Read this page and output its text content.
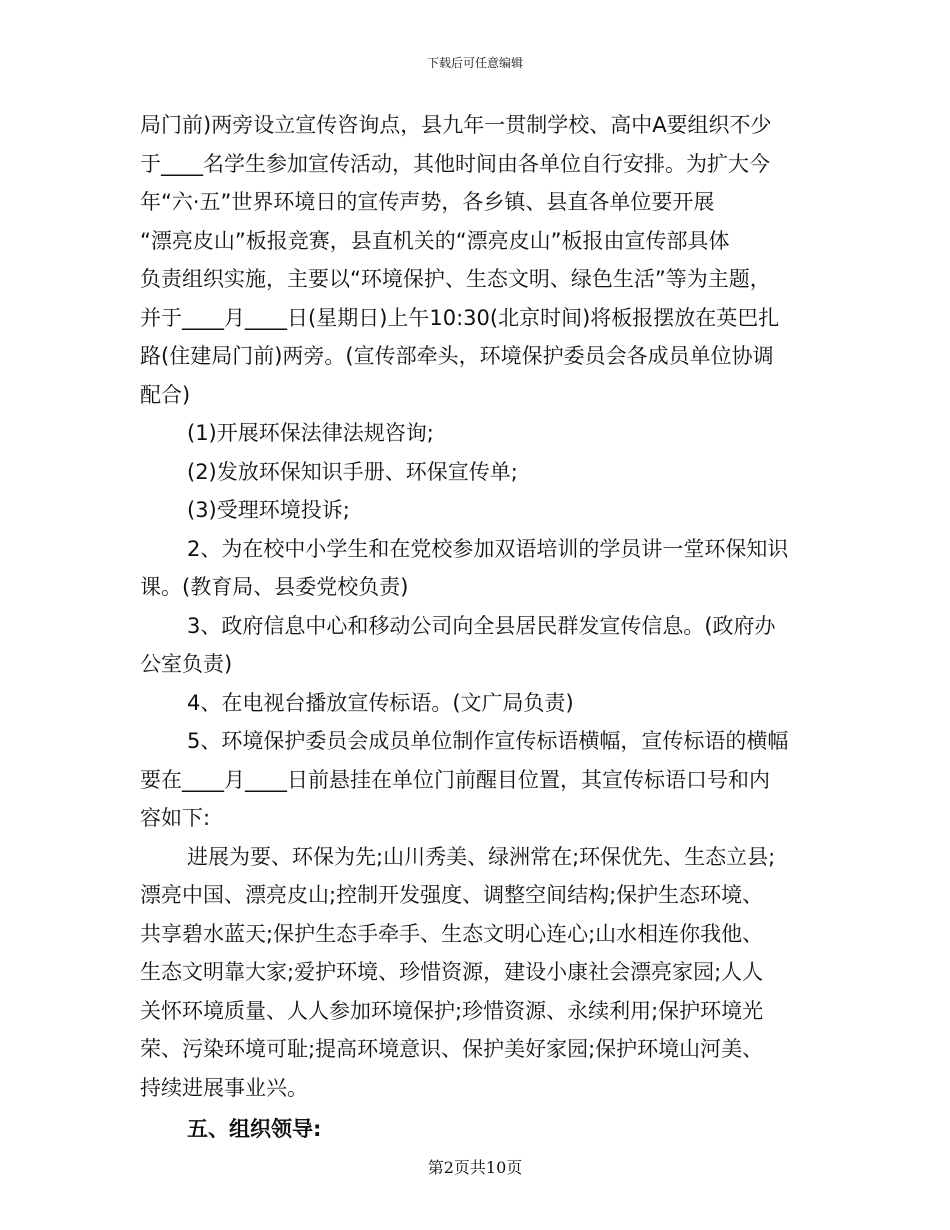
下载后可任意编辑
局门前)两旁设立宣传咨询点，县九年一贯制学校、高中A要组织不少
于____名学生参加宣传活动，其他时间由各单位自行安排。为扩大今
年“六·五”世界环境日的宣传声势，各乡镇、县直各单位要开展
“漂亮皮山”板报竞赛，县直机关的“漂亮皮山”板报由宣传部具体
负责组织实施，主要以“环境保护、生态文明、绿色生活”等为主题，
并于____月____日(星期日)上午10:30(北京时间)将板报摆放在英巴扎
路(住建局门前)两旁。(宣传部牵头，环境保护委员会各成员单位协调
配合)
(1)开展环保法律法规咨询;
(2)发放环保知识手册、环保宣传单;
(3)受理环境投诉;
2、为在校中小学生和在党校参加双语培训的学员讲一堂环保知识
课。(教育局、县委党校负责)
3、政府信息中心和移动公司向全县居民群发宣传信息。(政府办
公室负责)
4、在电视台播放宣传标语。(文广局负责)
5、环境保护委员会成员单位制作宣传标语横幅，宣传标语的横幅
要在____月____日前悬挂在单位门前醒目位置，其宣传标语口号和内
容如下:
进展为要、环保为先;山川秀美、绿洲常在;环保优先、生态立县;
漂亮中国、漂亮皮山;控制开发强度、调整空间结构;保护生态环境、
共享碧水蓝天;保护生态手牵手、生态文明心连心;山水相连你我他、
生态文明靠大家;爱护环境、珍惜资源，建设小康社会漂亮家园;人人
关怀环境质量、人人参加环境保护;珍惜资源、永续利用;保护环境光
荣、污染环境可耻;提高环境意识、保护美好家园;保护环境山河美、
持续进展事业兴。
五、组织领导:
第2页共10页
